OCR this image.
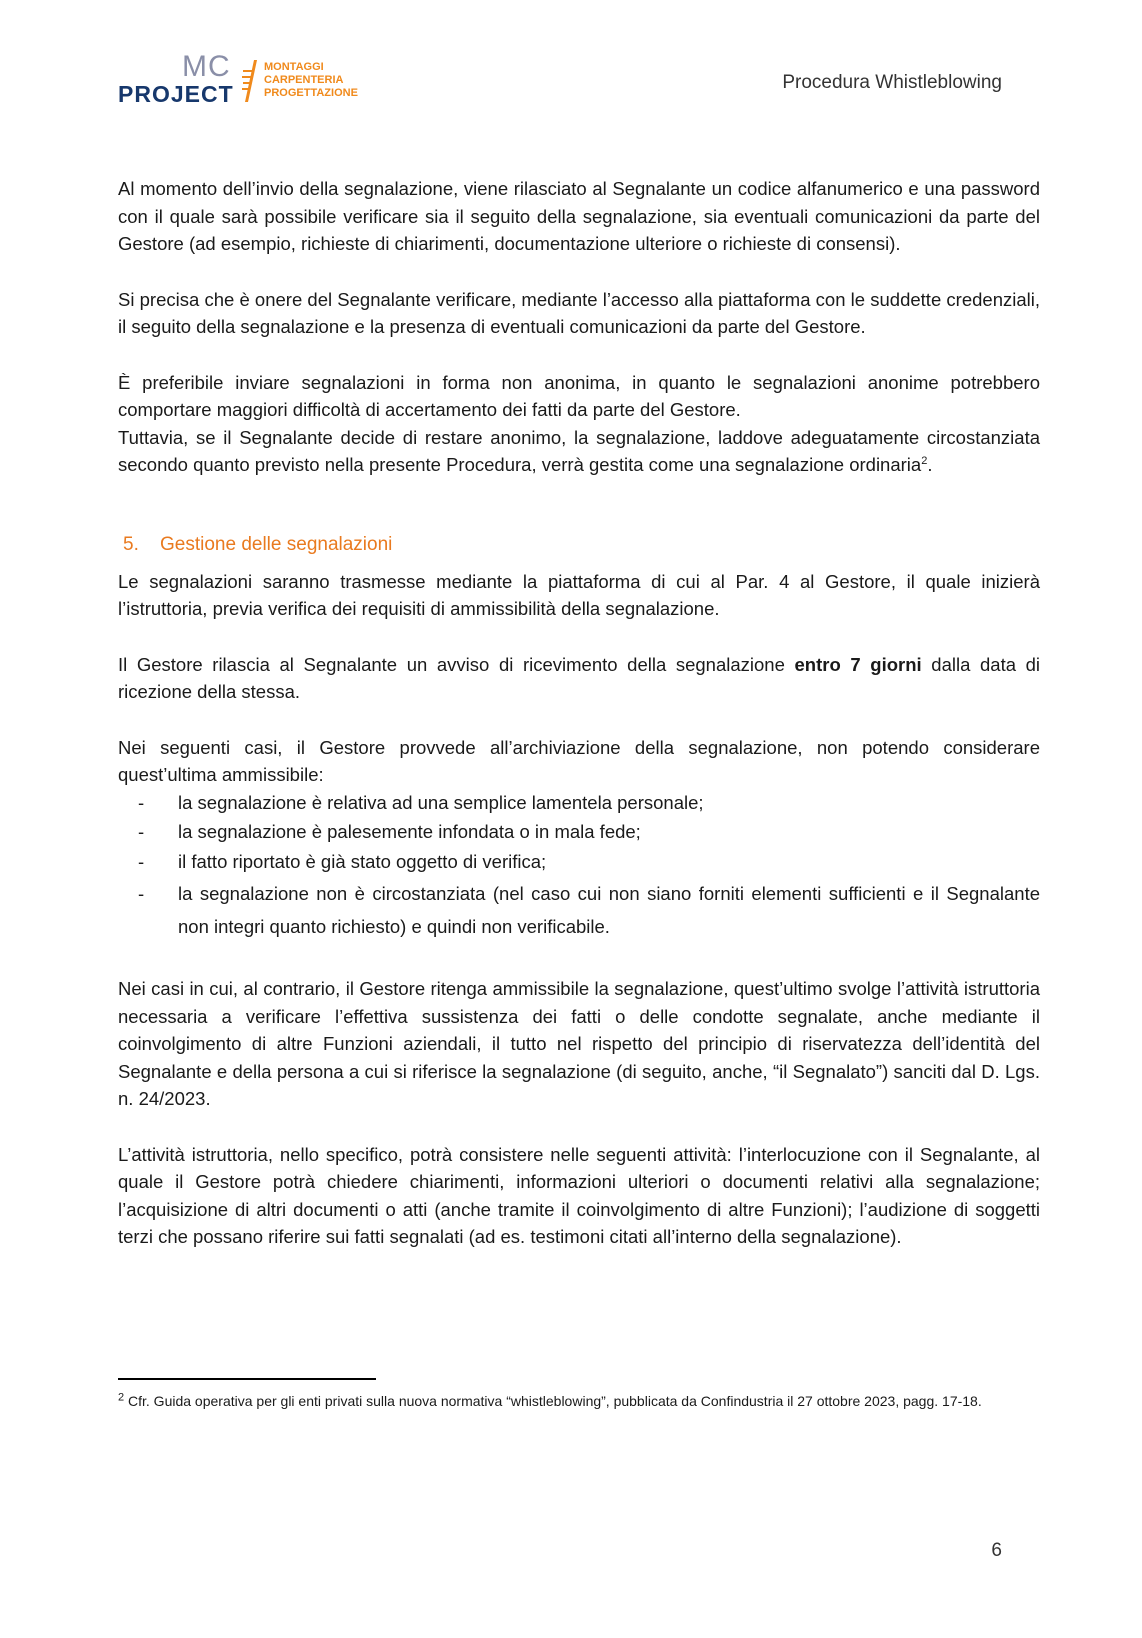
MC
PROJECT
MONTAGGI
CARPENTERIA
PROGETTAZIONE	Procedura Whistleblowing

Al momento dell’invio della segnalazione, viene rilasciato al Segnalante un codice alfanumerico e una password con il quale sarà possibile verificare sia il seguito della segnalazione, sia eventuali comunicazioni da parte del Gestore (ad esempio, richieste di chiarimenti, documentazione ulteriore o richieste di consensi).

Si precisa che è onere del Segnalante verificare, mediante l’accesso alla piattaforma con le suddette credenziali, il seguito della segnalazione e la presenza di eventuali comunicazioni da parte del Gestore.

È preferibile inviare segnalazioni in forma non anonima, in quanto le segnalazioni anonime potrebbero comportare maggiori difficoltà di accertamento dei fatti da parte del Gestore.

Tuttavia, se il Segnalante decide di restare anonimo, la segnalazione, laddove adeguatamente circostanziata secondo quanto previsto nella presente Procedura, verrà gestita come una segnalazione ordinaria$^2$.

5.	Gestione delle segnalazioni

Le segnalazioni saranno trasmesse mediante la piattaforma di cui al Par. 4 al Gestore, il quale inizierà l’istruttoria, previa verifica dei requisiti di ammissibilità della segnalazione.

Il Gestore rilascia al Segnalante un avviso di ricevimento della segnalazione entro 7 giorni dalla data di ricezione della stessa.

Nei seguenti casi, il Gestore provvede all’archiviazione della segnalazione, non potendo considerare quest’ultima ammissibile:

- la segnalazione è relativa ad una semplice lamentela personale;
- la segnalazione è palesemente infondata o in mala fede;
- il fatto riportato è già stato oggetto di verifica;
- la segnalazione non è circostanziata (nel caso cui non siano forniti elementi sufficienti e il Segnalante non integri quanto richiesto) e quindi non verificabile.

Nei casi in cui, al contrario, il Gestore ritenga ammissibile la segnalazione, quest’ultimo svolge l’attività istruttoria necessaria a verificare l’effettiva sussistenza dei fatti o delle condotte segnalate, anche mediante il coinvolgimento di altre Funzioni aziendali, il tutto nel rispetto del principio di riservatezza dell’identità del Segnalante e della persona a cui si riferisce la segnalazione (di seguito, anche, “il Segnalato”) sanciti dal D. Lgs. n. 24/2023.

L’attività istruttoria, nello specifico, potrà consistere nelle seguenti attività: l’interlocuzione con il Segnalante, al quale il Gestore potrà chiedere chiarimenti, informazioni ulteriori o documenti relativi alla segnalazione; l’acquisizione di altri documenti o atti (anche tramite il coinvolgimento di altre Funzioni); l’audizione di soggetti terzi che possano riferire sui fatti segnalati (ad es. testimoni citati all’interno della segnalazione).

$^2$ Cfr. Guida operativa per gli enti privati sulla nuova normativa “whistleblowing”, pubblicata da Confindustria il 27 ottobre 2023, pagg. 17-18.
6
